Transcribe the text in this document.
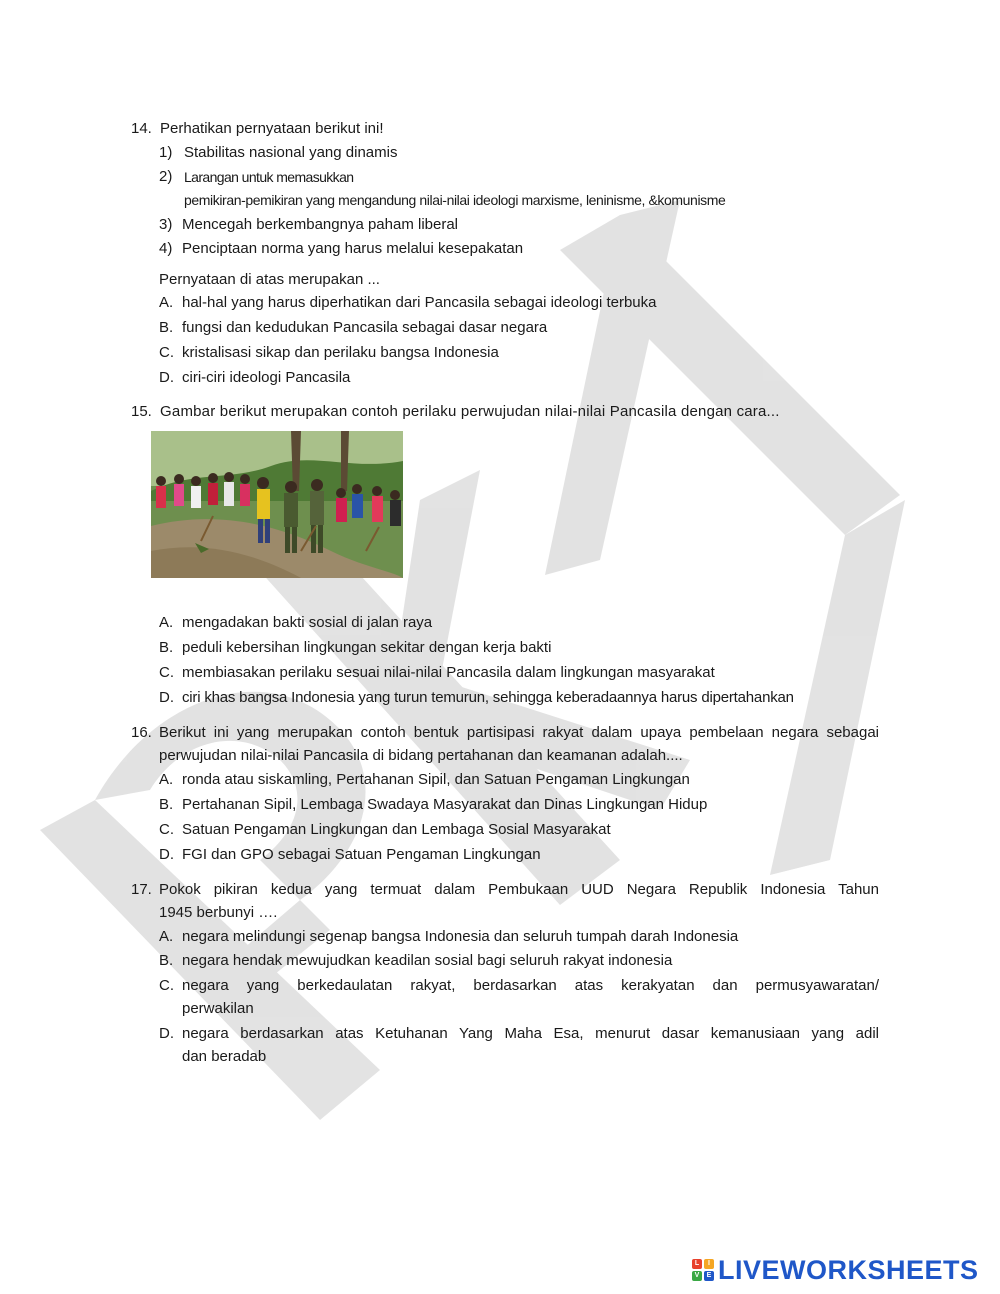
14. Perhatikan pernyataan berikut ini!
1) Stabilitas nasional yang dinamis
2) Larangan untuk memasukkan
pemikiran-pemikiran yang mengandung nilai-nilai ideologi marxisme, leninisme, &komunisme
3) Mencegah berkembangnya paham liberal
4) Penciptaan norma yang harus melalui kesepakatan
Pernyataan di atas merupakan ...
A. hal-hal yang harus diperhatikan dari Pancasila sebagai ideologi terbuka
B. fungsi dan kedudukan Pancasila sebagai dasar negara
C. kristalisasi sikap dan perilaku bangsa Indonesia
D. ciri-ciri ideologi Pancasila
15. Gambar berikut merupakan contoh perilaku perwujudan nilai-nilai Pancasila dengan cara...
A. mengadakan bakti sosial di jalan raya
B. peduli kebersihan lingkungan sekitar dengan kerja bakti
C. membiasakan perilaku sesuai nilai-nilai Pancasila dalam lingkungan masyarakat
D. ciri khas bangsa Indonesia yang turun temurun, sehingga keberadaannya harus dipertahankan
16. Berikut ini yang merupakan contoh bentuk partisipasi rakyat dalam upaya pembelaan negara sebagai
perwujudan nilai-nilai Pancasila di bidang pertahanan dan keamanan adalah....
A. ronda atau siskamling, Pertahanan Sipil, dan Satuan Pengaman Lingkungan
B. Pertahanan Sipil, Lembaga Swadaya Masyarakat dan Dinas Lingkungan Hidup
C. Satuan Pengaman Lingkungan dan Lembaga Sosial Masyarakat
D. FGI dan GPO sebagai Satuan Pengaman Lingkungan
17. Pokok pikiran kedua yang termuat dalam Pembukaan UUD Negara Republik Indonesia Tahun
1945 berbunyi ….
A. negara melindungi segenap bangsa Indonesia dan seluruh tumpah darah Indonesia
B. negara hendak mewujudkan keadilan sosial bagi seluruh rakyat indonesia
C. negara yang berkedaulatan rakyat, berdasarkan atas kerakyatan dan permusyawaratan/
perwakilan
D. negara berdasarkan atas Ketuhanan Yang Maha Esa, menurut dasar kemanusiaan yang adil
dan beradab
L	I
V	E LIVEWORKSHEETS
